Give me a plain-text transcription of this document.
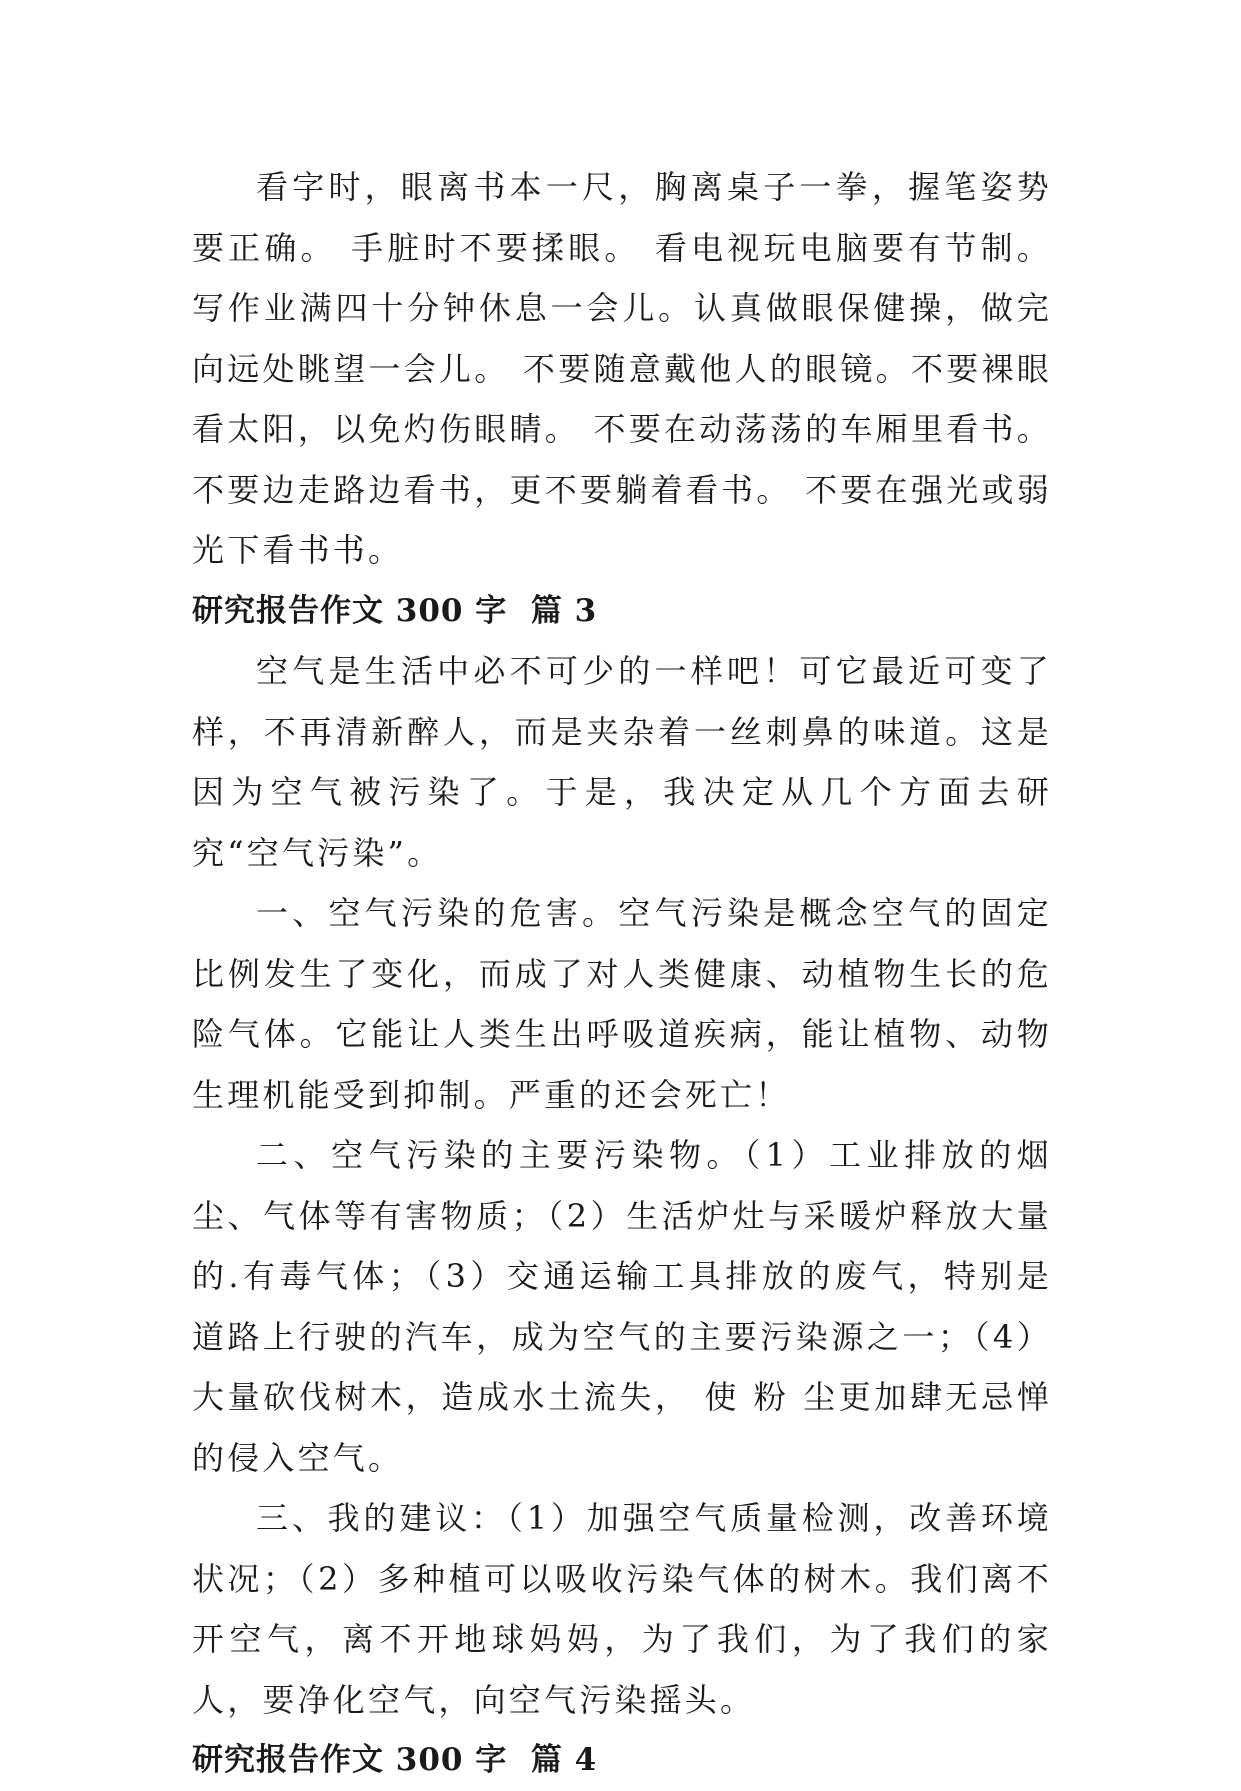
看字时，眼离书本一尺，胸离桌子一拳，握笔姿势要正确。 手脏时不要揉眼。 看电视玩电脑要有节制。 写作业满四十分钟休息一会儿。认真做眼保健操，做完向远处眺望一会儿。 不要随意戴他人的眼镜。不要裸眼看太阳，以免灼伤眼睛。 不要在动荡荡的车厢里看书。 不要边走路边看书，更不要躺着看书。 不要在强光或弱光下看书书。

研究报告作文 300 字  篇 3

空气是生活中必不可少的一样吧！可它最近可变了样，不再清新醉人，而是夹杂着一丝刺鼻的味道。这是因为空气被污染了。于是，我决定从几个方面去研究“空气污染”。

一、空气污染的危害。空气污染是概念空气的固定比例发生了变化，而成了对人类健康、动植物生长的危险气体。它能让人类生出呼吸道疾病，能让植物、动物生理机能受到抑制。严重的还会死亡！

二、空气污染的主要污染物。（1）工业排放的烟尘、气体等有害物质；（2）生活炉灶与采暖炉释放大量的.有毒气体；（3）交通运输工具排放的废气，特别是道路上行驶的汽车，成为空气的主要污染源之一；（4）大量砍伐树木，造成水土流失， 使 粉 尘更加肆无忌惮的侵入空气。

三、我的建议：（1）加强空气质量检测，改善环境状况；（2）多种植可以吸收污染气体的树木。我们离不开空气，离不开地球妈妈，为了我们，为了我们的家人，要净化空气，向空气污染摇头。

研究报告作文 300 字  篇 4
